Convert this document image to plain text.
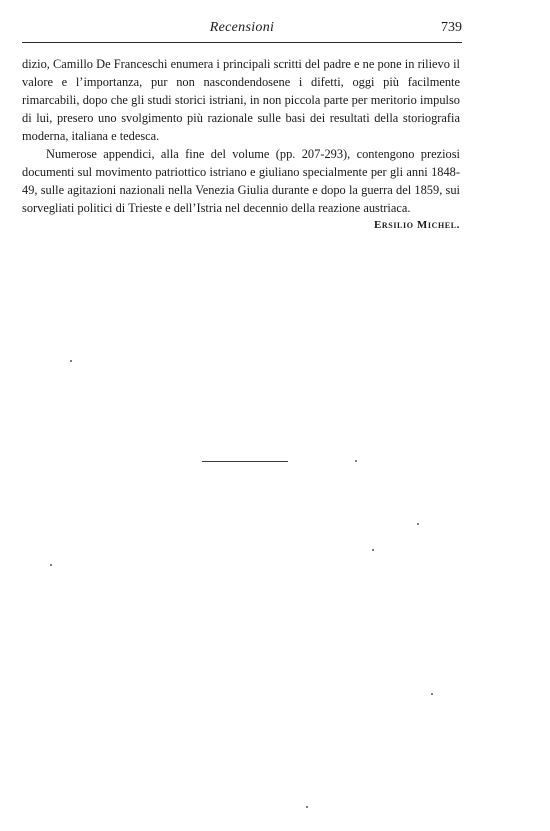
Recensioni	739

dizio, Camillo De Franceschi enumera i principali scritti del padre e ne pone in rilievo il valore e l’importanza, pur non nascondendosene i difetti, oggi più facilmente rimarcabili, dopo che gli studi storici istriani, in non piccola parte per meritorio impulso di lui, presero uno svolgimento più razionale sulle basi dei resultati della storiografia moderna, italiana e tedesca.

Numerose appendici, alla fine del volume (pp. 207-293), contengono preziosi documenti sul movimento patriottico istriano e giuliano specialmente per gli anni 1848-49, sulle agitazioni nazionali nella Venezia Giulia durante e dopo la guerra del 1859, sui sorvegliati politici di Trieste e dell’Istria nel decennio della reazione austriaca.

Ersilio Michel.
